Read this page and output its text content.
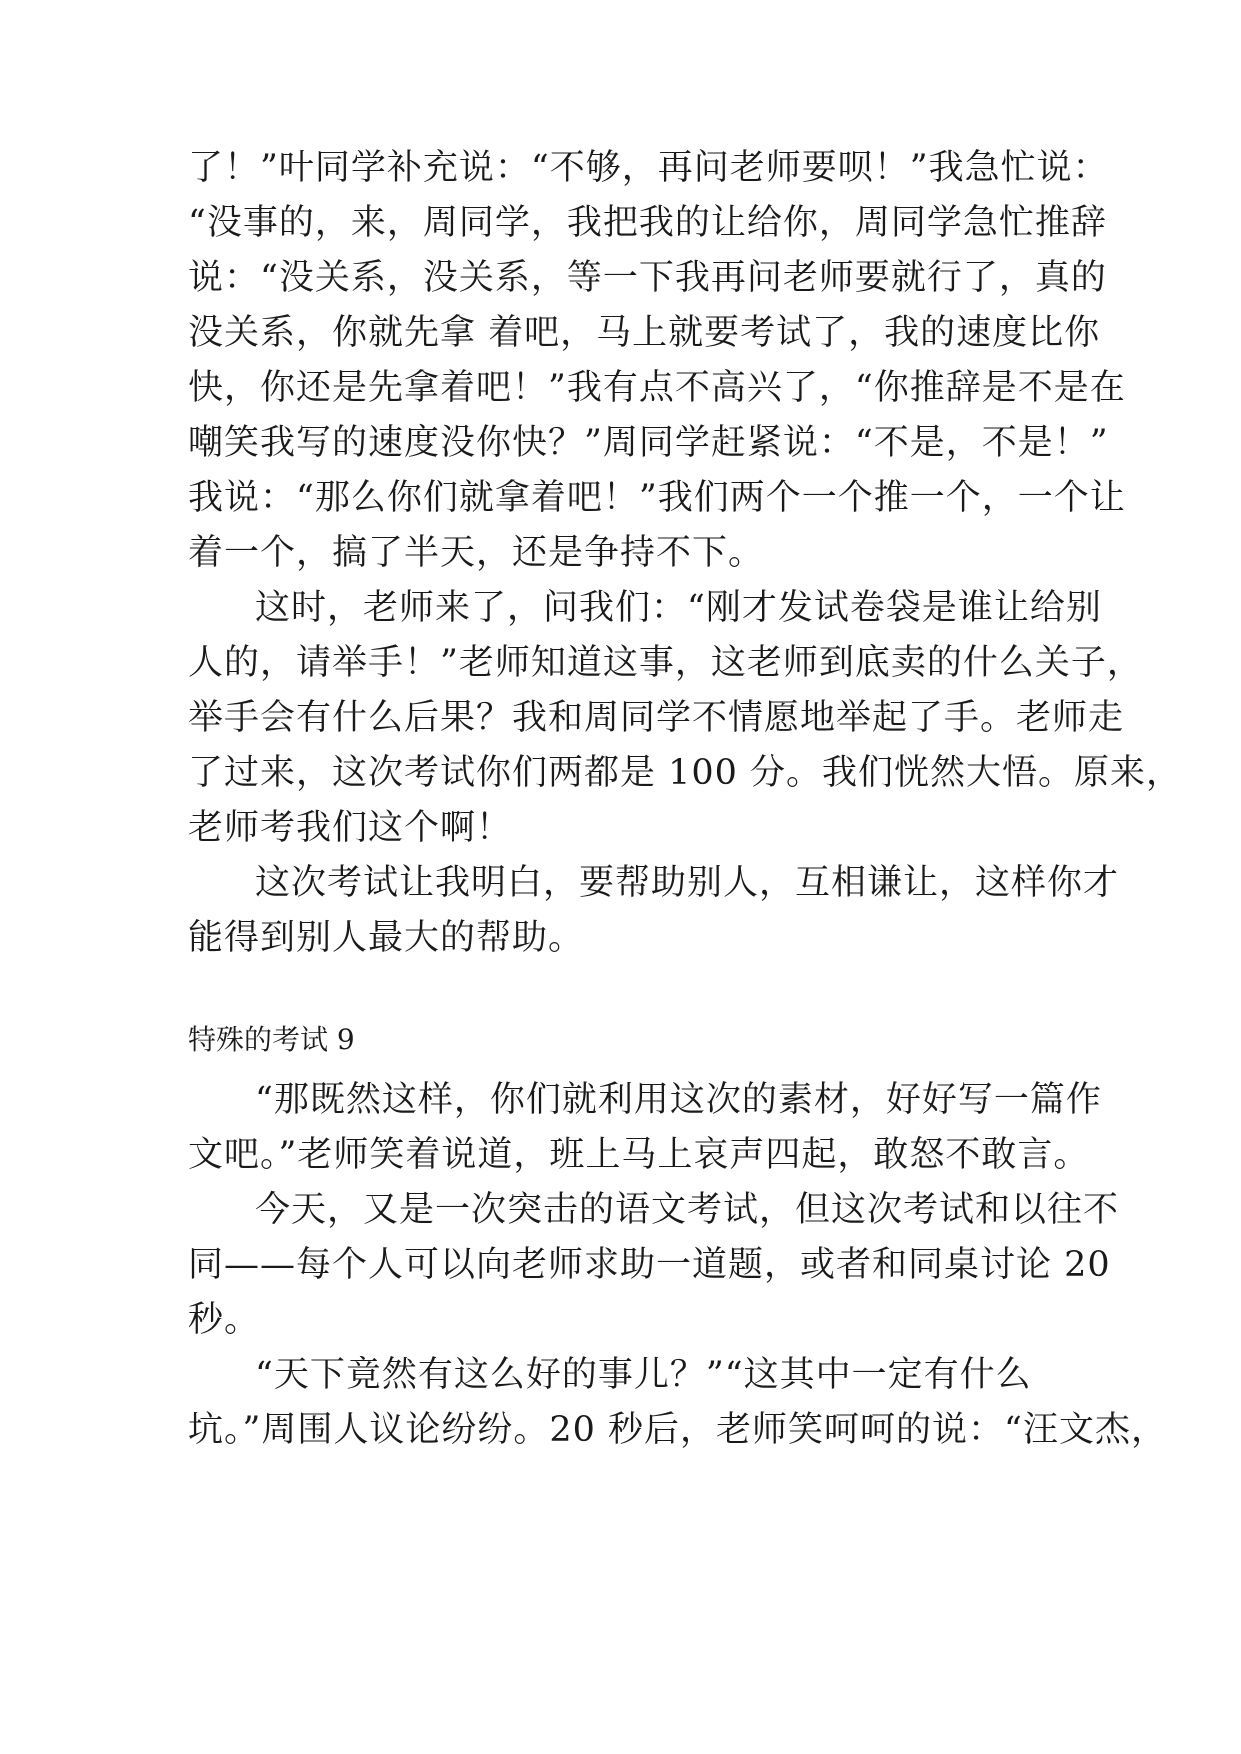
了！”叶同学补充说：“不够，再问老师要呗！”我急忙说：
“没事的，来，周同学，我把我的让给你，周同学急忙推辞
说：“没关系，没关系，等一下我再问老师要就行了，真的
没关系，你就先拿 着吧，马上就要考试了，我的速度比你
快，你还是先拿着吧！”我有点不高兴了，“你推辞是不是在
嘲笑我写的速度没你快？”周同学赶紧说：“不是，不是！”
我说：“那么你们就拿着吧！”我们两个一个推一个，一个让
着一个，搞了半天，还是争持不下。
这时，老师来了，问我们：“刚才发试卷袋是谁让给别
人的，请举手！”老师知道这事，这老师到底卖的什么关子，
举手会有什么后果？我和周同学不情愿地举起了手。老师走
了过来，这次考试你们两都是 100 分。我们恍然大悟。原来，
老师考我们这个啊！
这次考试让我明白，要帮助别人，互相谦让，这样你才
能得到别人最大的帮助。
特殊的考试 9
“那既然这样，你们就利用这次的素材，好好写一篇作
文吧。”老师笑着说道，班上马上哀声四起，敢怒不敢言。
今天，又是一次突击的语文考试，但这次考试和以往不
同——每个人可以向老师求助一道题，或者和同桌讨论 20
秒。
“天下竟然有这么好的事儿？”“这其中一定有什么
坑。”周围人议论纷纷。20 秒后，老师笑呵呵的说：“汪文杰，
